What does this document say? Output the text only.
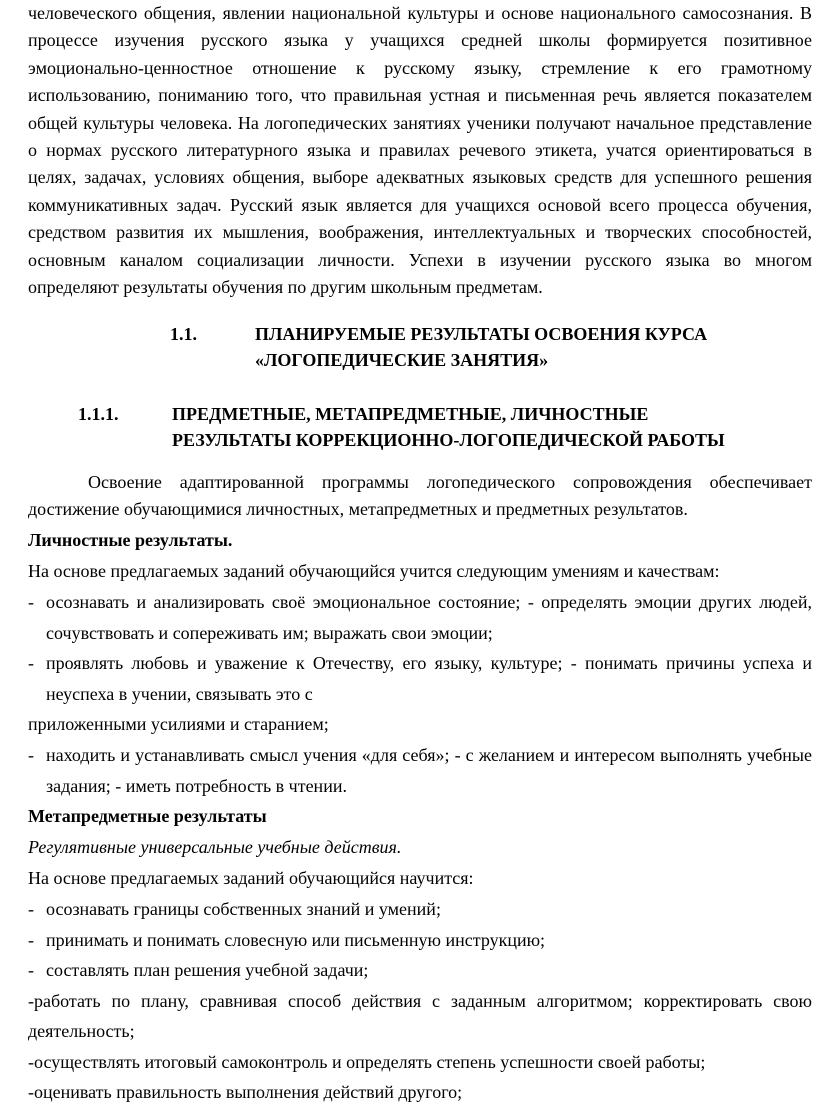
человеческого общения, явлении национальной культуры и основе национального самосознания. В процессе изучения русского языка у учащихся средней школы формируется позитивное эмоционально-ценностное отношение к русскому языку, стремление к его грамотному использованию, пониманию того, что правильная устная и письменная речь является показателем общей культуры человека. На логопедических занятиях ученики получают начальное представление о нормах русского литературного языка и правилах речевого этикета, учатся ориентироваться в целях, задачах, условиях общения, выборе адекватных языковых средств для успешного решения коммуникативных задач. Русский язык является для учащихся основой всего процесса обучения, средством развития их мышления, воображения, интеллектуальных и творческих способностей, основным каналом социализации личности. Успехи в изучении русского языка во многом определяют результаты обучения по другим школьным предметам.

1.1.	ПЛАНИРУЕМЫЕ РЕЗУЛЬТАТЫ ОСВОЕНИЯ КУРСА
«ЛОГОПЕДИЧЕСКИЕ ЗАНЯТИЯ»
1.1.1.	ПРЕДМЕТНЫЕ, МЕТАПРЕДМЕТНЫЕ, ЛИЧНОСТНЫЕ
РЕЗУЛЬТАТЫ КОРРЕКЦИОННО-ЛОГОПЕДИЧЕСКОЙ РАБОТЫ

Освоение адаптированной программы логопедического сопровождения обеспечивает достижение обучающимися личностных, метапредметных и предметных результатов.

Личностные результаты.

На основе предлагаемых заданий обучающийся учится следующим умениям и качествам:

- осознавать и анализировать своё эмоциональное состояние; - определять эмоции других людей, сочувствовать и сопереживать им; выражать свои эмоции;
- проявлять любовь и уважение к Отечеству, его языку, культуре; - понимать причины успеха и неуспеха в учении, связывать это с

приложенными усилиями и старанием;

- находить и устанавливать смысл учения «для себя»; - с желанием и интересом выполнять учебные задания; - иметь потребность в чтении.

Метапредметные результаты

Регулятивные универсальные учебные действия.

На основе предлагаемых заданий обучающийся научится:

- осознавать границы собственных знаний и умений;
- принимать и понимать словесную или письменную инструкцию;
- составлять план решения учебной задачи;

-работать по плану, сравнивая способ действия с заданным алгоритмом; корректировать свою деятельность;

-осуществлять итоговый самоконтроль и определять степень успешности своей работы;

-оценивать правильность выполнения действий другого;
